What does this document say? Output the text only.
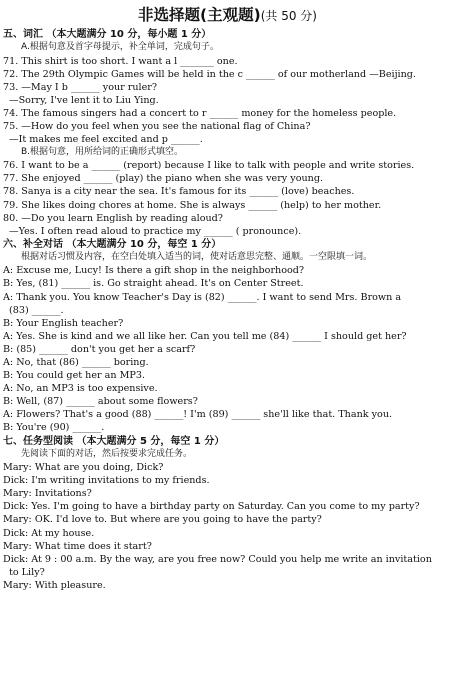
非选择题(主观题)(共 50 分)
五、词汇 （本大题满分 10 分，每小题 1 分）
A.根据句意及首字母提示，补全单词，完成句子。
71. This shirt is too short. I want a l _______ one.
72. The 29th Olympic Games will be held in the c ______ of our motherland —Beijing.
73. —May I b ______ your ruler?
—Sorry, I've lent it to Liu Ying.
74. The famous singers had a concert to r ______ money for the homeless people.
75. —How do you feel when you see the national flag of China?
—It makes me feel excited and p ______.
B.根据句意，用所给词的正确形式填空。
76. I want to be a ______ (report) because I like to talk with people and write stories.
77. She enjoyed ______ (play) the piano when she was very young.
78. Sanya is a city near the sea. It's famous for its ______ (love) beaches.
79. She likes doing chores at home. She is always ______ (help) to her mother.
80. —Do you learn English by reading aloud?
—Yes. I often read aloud to practice my ______ ( pronounce).
六、补全对话 （本大题满分 10 分，每空 1 分）
根据对话习惯及内容，在空白处填入适当的词，使对话意思完整、通顺。一空限填一词。
A: Excuse me, Lucy! Is there a gift shop in the neighborhood?
B: Yes, (81) ______ is. Go straight ahead. It's on Center Street.
A: Thank you. You know Teacher's Day is (82) ______. I want to send Mrs. Brown a
(83) ______.
B: Your English teacher?
A: Yes. She is kind and we all like her. Can you tell me (84) ______ I should get her?
B: (85) ______ don't you get her a scarf?
A: No, that (86) ______ boring.
B: You could get her an MP3.
A: No, an MP3 is too expensive.
B: Well, (87) ______ about some flowers?
A: Flowers? That's a good (88) ______! I'm (89) ______ she'll like that. Thank you.
B: You're (90) ______.
七、任务型阅读 （本大题满分 5 分，每空 1 分）
先阅读下面的对话，然后按要求完成任务。
Mary: What are you doing, Dick?
Dick: I'm writing invitations to my friends.
Mary: Invitations?
Dick: Yes. I'm going to have a birthday party on Saturday. Can you come to my party?
Mary: OK. I'd love to. But where are you going to have the party?
Dick: At my house.
Mary: What time does it start?
Dick: At 9 : 00 a.m. By the way, are you free now? Could you help me write an invitation
to Lily?
Mary: With pleasure.
